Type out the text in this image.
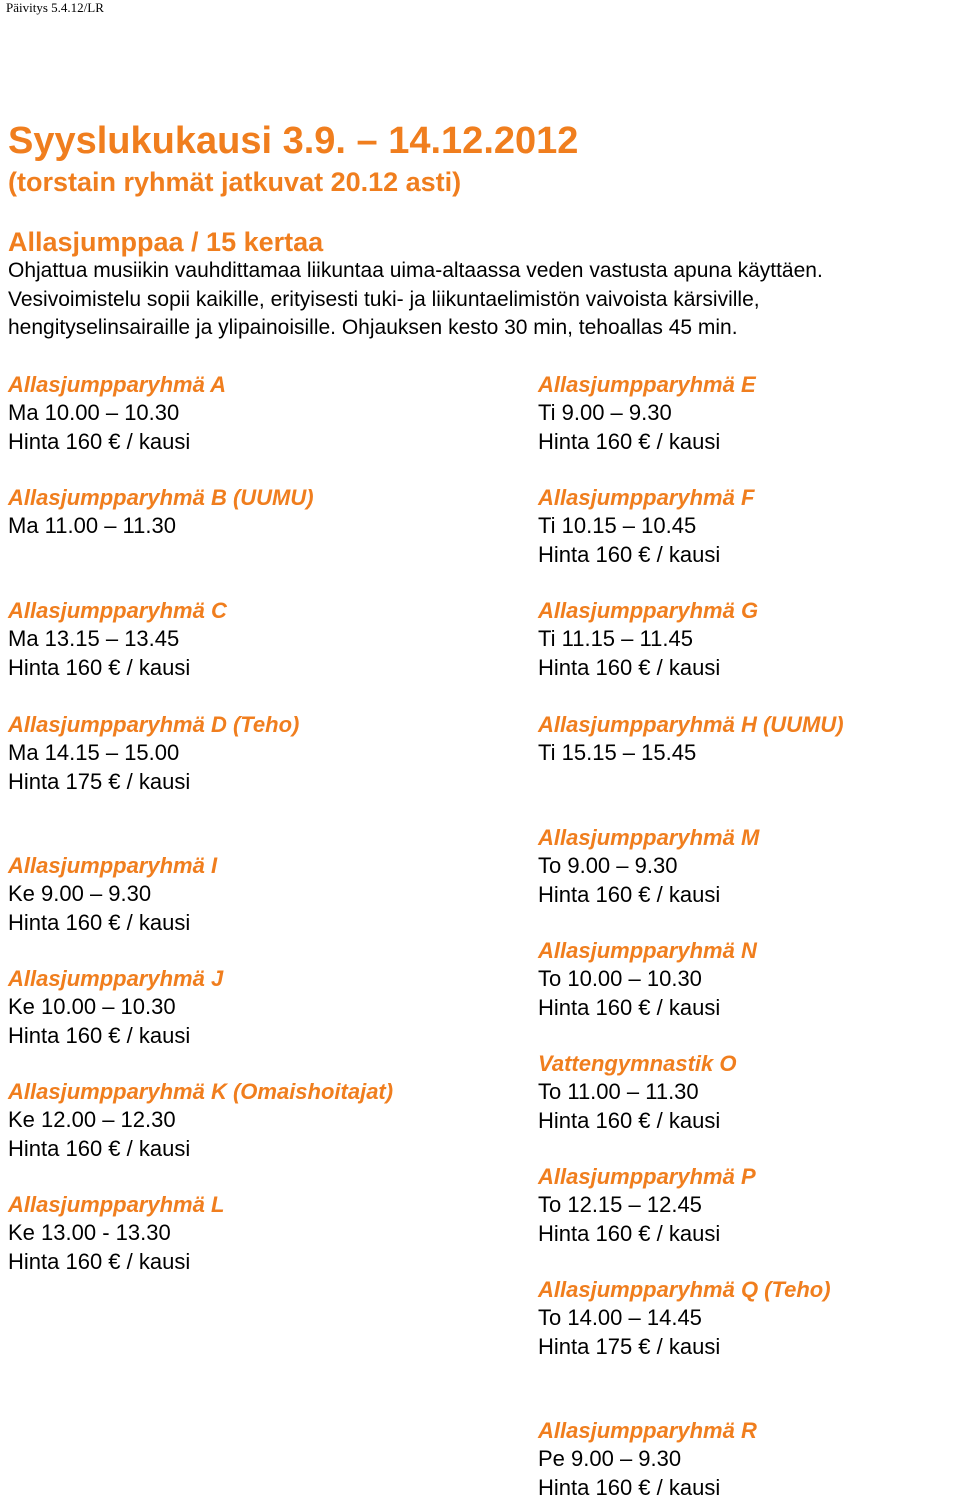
Päivitys 5.4.12/LR
Syyslukukausi 3.9. – 14.12.2012
(torstain ryhmät jatkuvat 20.12 asti)
Allasjumppaa / 15 kertaa
Ohjattua musiikin vauhdittamaa liikuntaa uima-altaassa veden vastusta apuna käyttäen.
Vesivoimistelu sopii kaikille, erityisesti tuki- ja liikuntaelimistön vaivoista kärsiville,
hengityselinsairaille ja ylipainoisille. Ohjauksen kesto 30 min, tehoallas 45 min.
Allasjumpparyhmä A
Ma 10.00 – 10.30
Hinta 160 € / kausi
Allasjumpparyhmä B (UUMU)
Ma 11.00 – 11.30
Allasjumpparyhmä C
Ma 13.15 – 13.45
Hinta 160 € / kausi
Allasjumpparyhmä D (Teho)
Ma 14.15 – 15.00
Hinta 175 € / kausi
Allasjumpparyhmä I
Ke 9.00 – 9.30
Hinta 160 € / kausi
Allasjumpparyhmä J
Ke 10.00 – 10.30
Hinta 160 € / kausi
Allasjumpparyhmä K (Omaishoitajat)
Ke 12.00 – 12.30
Hinta 160 € / kausi
Allasjumpparyhmä L
Ke 13.00 - 13.30
Hinta 160 € / kausi
Allasjumpparyhmä E
Ti 9.00 – 9.30
Hinta 160 € / kausi
Allasjumpparyhmä F
Ti 10.15 – 10.45
Hinta 160 € / kausi
Allasjumpparyhmä G
Ti 11.15 – 11.45
Hinta 160 € / kausi
Allasjumpparyhmä H (UUMU)
Ti 15.15 – 15.45
Allasjumpparyhmä M
To 9.00 – 9.30
Hinta 160 € / kausi
Allasjumpparyhmä N
To 10.00 – 10.30
Hinta 160 € / kausi
Vattengymnastik O
To 11.00 – 11.30
Hinta 160 € / kausi
Allasjumpparyhmä P
To 12.15 – 12.45
Hinta 160 € / kausi
Allasjumpparyhmä Q (Teho)
To 14.00 – 14.45
Hinta 175 € / kausi
Allasjumpparyhmä R
Pe 9.00 – 9.30
Hinta 160 € / kausi
